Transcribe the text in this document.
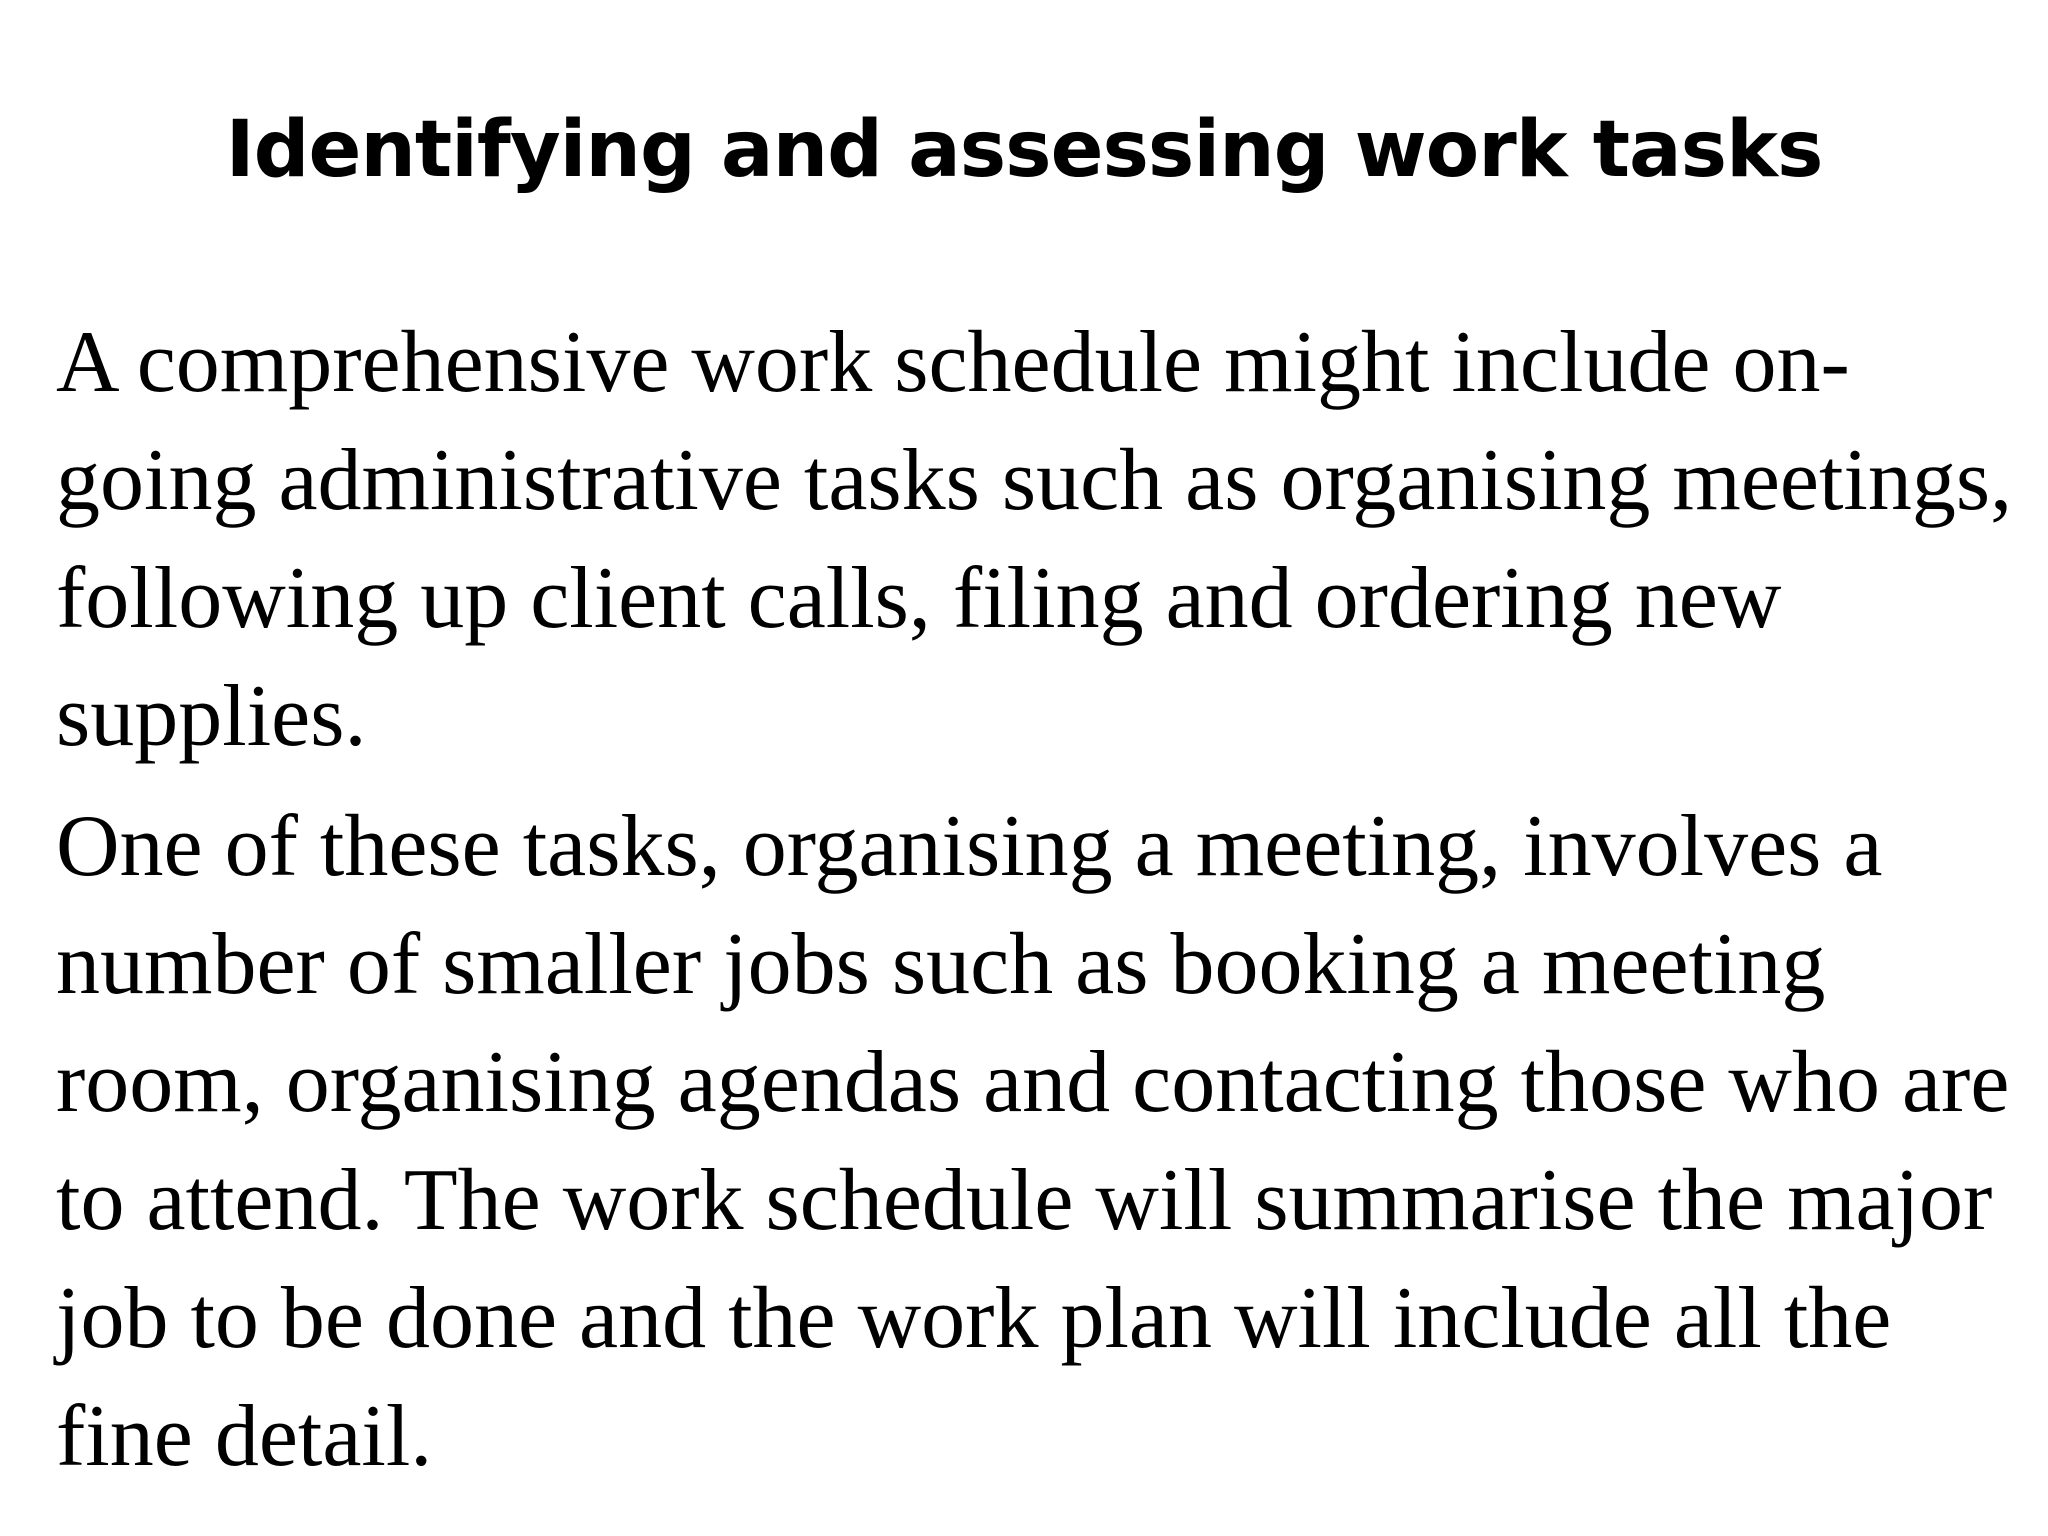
Identifying and assessing work tasks

A comprehensive work schedule might include on-going administrative tasks such as organising meetings, following up client calls, filing and ordering new supplies.

One of these tasks, organising a meeting, involves a number of smaller jobs such as booking a meeting room, organising agendas and contacting those who are to attend. The work schedule will summarise the major job to be done and the work plan will include all the fine detail.
